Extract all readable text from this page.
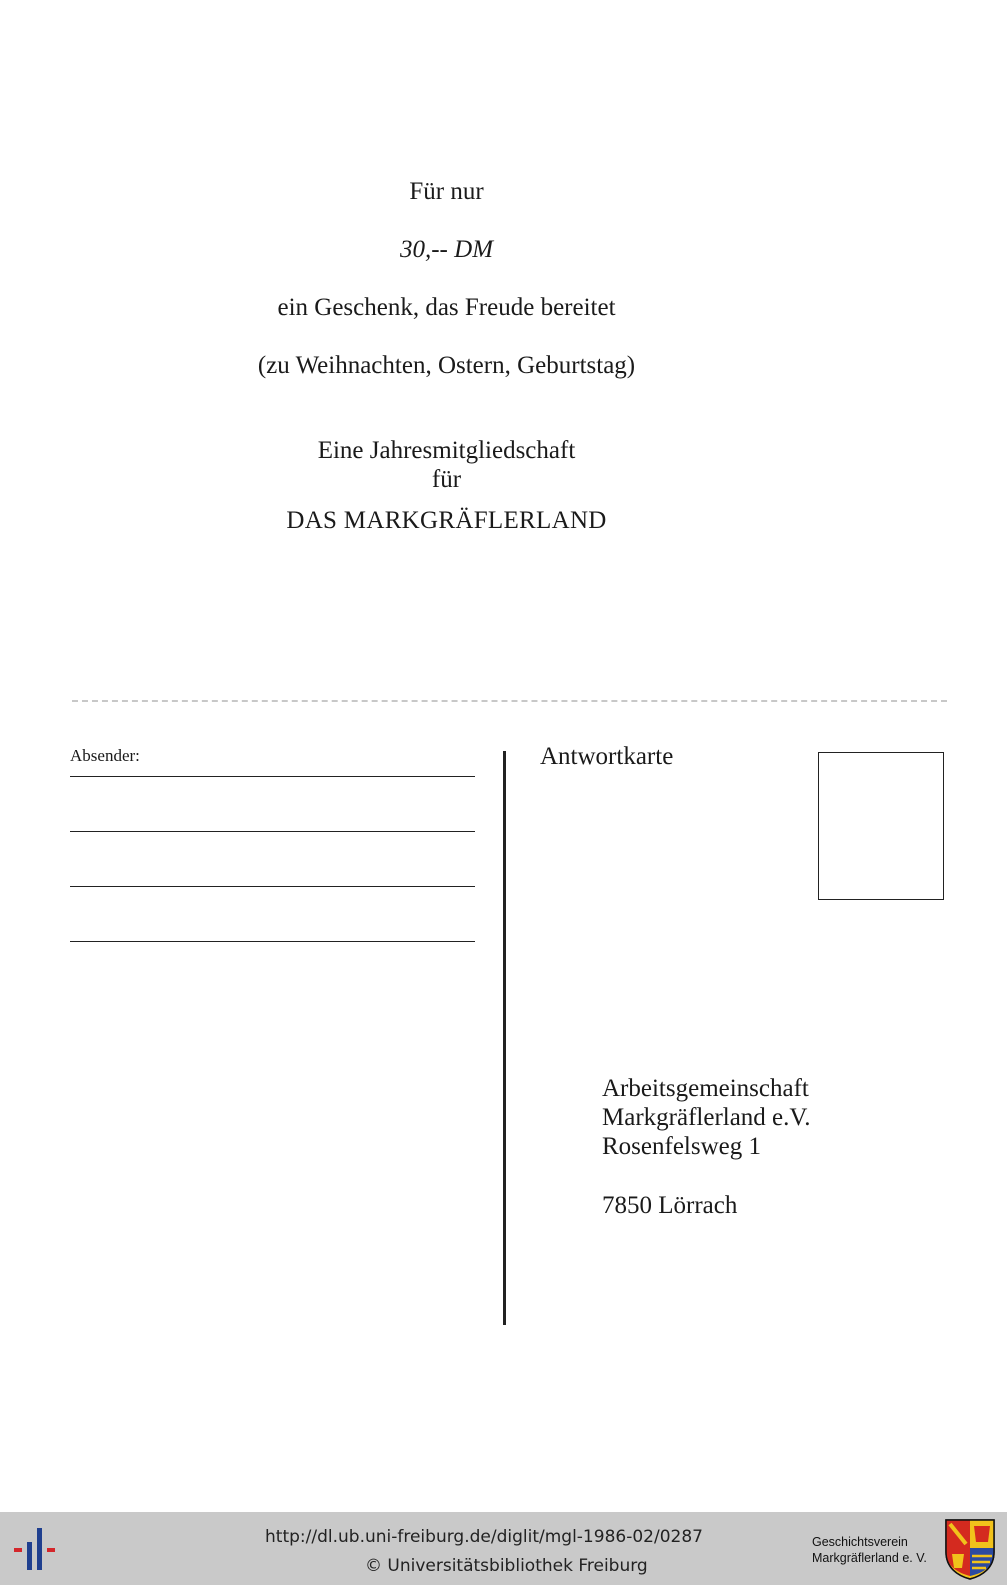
Für nur
30,-- DM
ein Geschenk, das Freude bereitet
(zu Weihnachten, Ostern, Geburtstag)
Eine Jahresmitgliedschaft
für
DAS MARKGRÄFLERLAND
Absender:	Antwortkarte
Arbeitsgemeinschaft
Markgräflerland e.V.
Rosenfelsweg 1
7850 Lörrach
http://dl.ub.uni-freiburg.de/diglit/mgl-1986-02/0287
© Universitätsbibliothek Freiburg
Geschichtsverein
Markgräflerland e. V.
